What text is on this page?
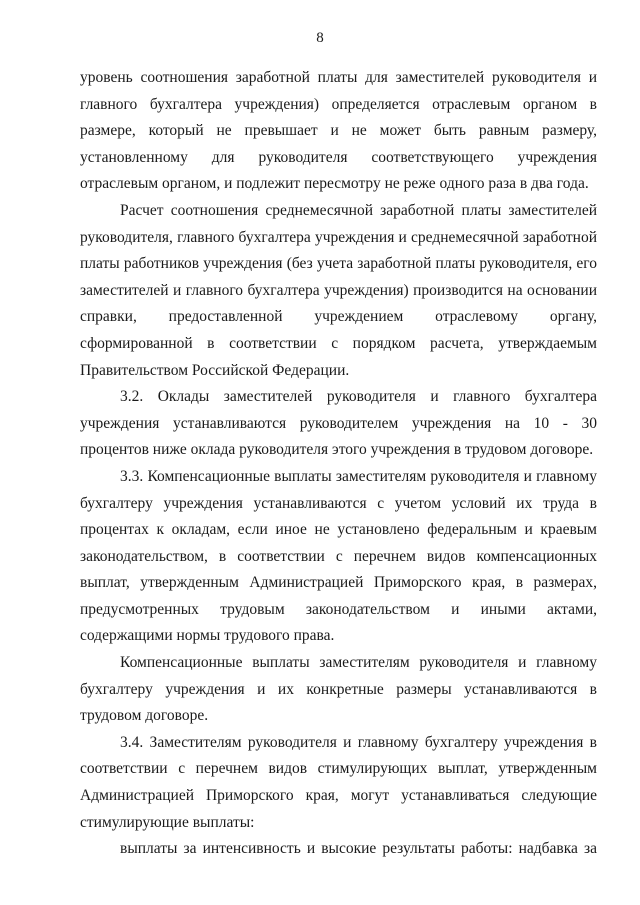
8

уровень соотношения заработной платы для заместителей руководителя и главного бухгалтера учреждения) определяется отраслевым органом в размере, который не превышает и не может быть равным размеру, установленному для руководителя соответствующего учреждения отраслевым органом, и подлежит пересмотру не реже одного раза в два года.

Расчет соотношения среднемесячной заработной платы заместителей руководителя, главного бухгалтера учреждения и среднемесячной заработной платы работников учреждения (без учета заработной платы руководителя, его заместителей и главного бухгалтера учреждения) производится на основании справки, предоставленной учреждением отраслевому органу, сформированной в соответствии с порядком расчета, утверждаемым Правительством Российской Федерации.

3.2. Оклады заместителей руководителя и главного бухгалтера учреждения устанавливаются руководителем учреждения на 10 - 30 процентов ниже оклада руководителя этого учреждения в трудовом договоре.

3.3. Компенсационные выплаты заместителям руководителя и главному бухгалтеру учреждения устанавливаются с учетом условий их труда в процентах к окладам, если иное не установлено федеральным и краевым законодательством, в соответствии с перечнем видов компенсационных выплат, утвержденным Администрацией Приморского края, в размерах, предусмотренных трудовым законодательством и иными актами, содержащими нормы трудового права.

Компенсационные выплаты заместителям руководителя и главному бухгалтеру учреждения и их конкретные размеры устанавливаются в трудовом договоре.

3.4. Заместителям руководителя и главному бухгалтеру учреждения в соответствии с перечнем видов стимулирующих выплат, утвержденным Администрацией Приморского края, могут устанавливаться следующие стимулирующие выплаты:

выплаты за интенсивность и высокие результаты работы: надбавка за
